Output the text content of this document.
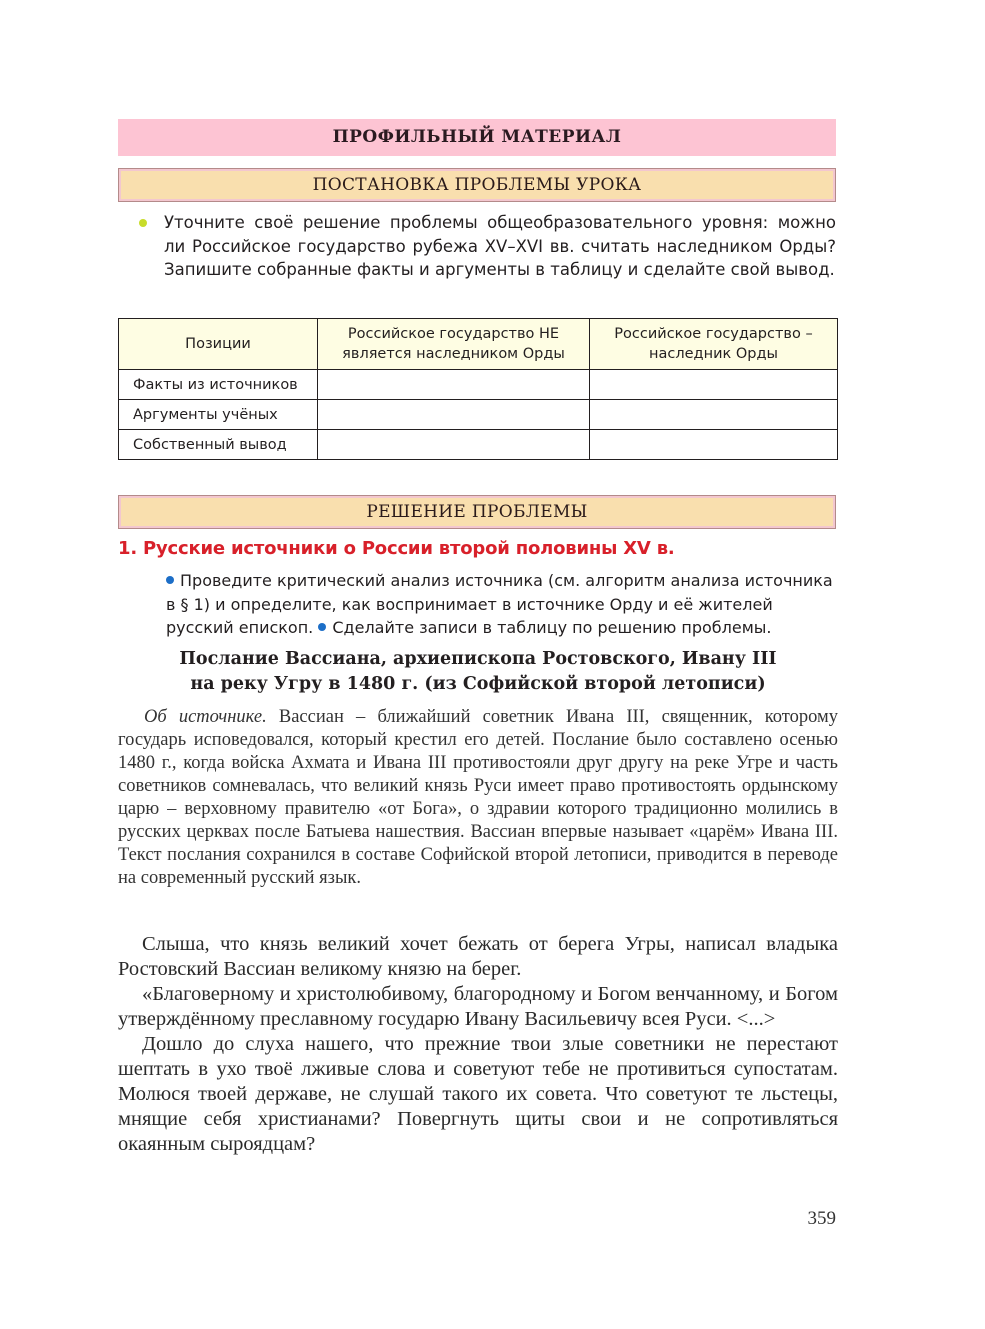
ПРОФИЛЬНЫЙ МАТЕРИАЛ
ПОСТАНОВКА ПРОБЛЕМЫ УРОКА
Уточните своё решение проблемы общеобразовательного уровня: можно ли Российское государство рубежа XV–XVI вв. считать наследником Орды? Запишите собранные факты и аргументы в таблицу и сделайте свой вывод.
Позиции	Российское государство НЕ является наследником Орды	Российское государство – наследник Орды
Факты из источников		
Аргументы учёных		
Собственный вывод		
РЕШЕНИЕ ПРОБЛЕМЫ
1. Русские источники о России второй половины XV в.
Проведите критический анализ источника (см. алгоритм анализа источника в § 1) и определите, как воспринимает в источнике Орду и её жителей русский епископ. Сделайте записи в таблицу по решению проблемы.
Послание Вассиана, архиепископа Ростовского, Ивану III
на реку Угру в 1480 г. (из Софийской второй летописи)
Об источнике. Вассиан – ближайший советник Ивана III, священник, которому государь исповедовался, который крестил его детей. Послание было составлено осенью 1480 г., когда войска Ахмата и Ивана III противостояли друг другу на реке Угре и часть советников сомневалась, что великий князь Руси имеет право противостоять ордынскому царю – верховному правителю «от Бога», о здравии которого традиционно молились в русских церквах после Батыева нашествия. Вассиан впервые называет «царём» Ивана III. Текст послания сохранился в составе Софийской второй летописи, приводится в переводе на современный русский язык.

Слыша, что князь великий хочет бежать от берега Угры, написал владыка Ростовский Вассиан великому князю на берег.

«Благоверному и христолюбивому, благородному и Богом венчанному, и Богом утверждённому преславному государю Ивану Васильевичу всея Руси. <...>

Дошло до слуха нашего, что прежние твои злые советники не перестают шептать в ухо твоё лживые слова и советуют тебе не противиться супостатам. Молюся твоей державе, не слушай такого их совета. Что советуют те льстецы, мнящие себя христианами? Повергнуть щиты свои и не сопротивляться окаянным сыроядцам?

359
